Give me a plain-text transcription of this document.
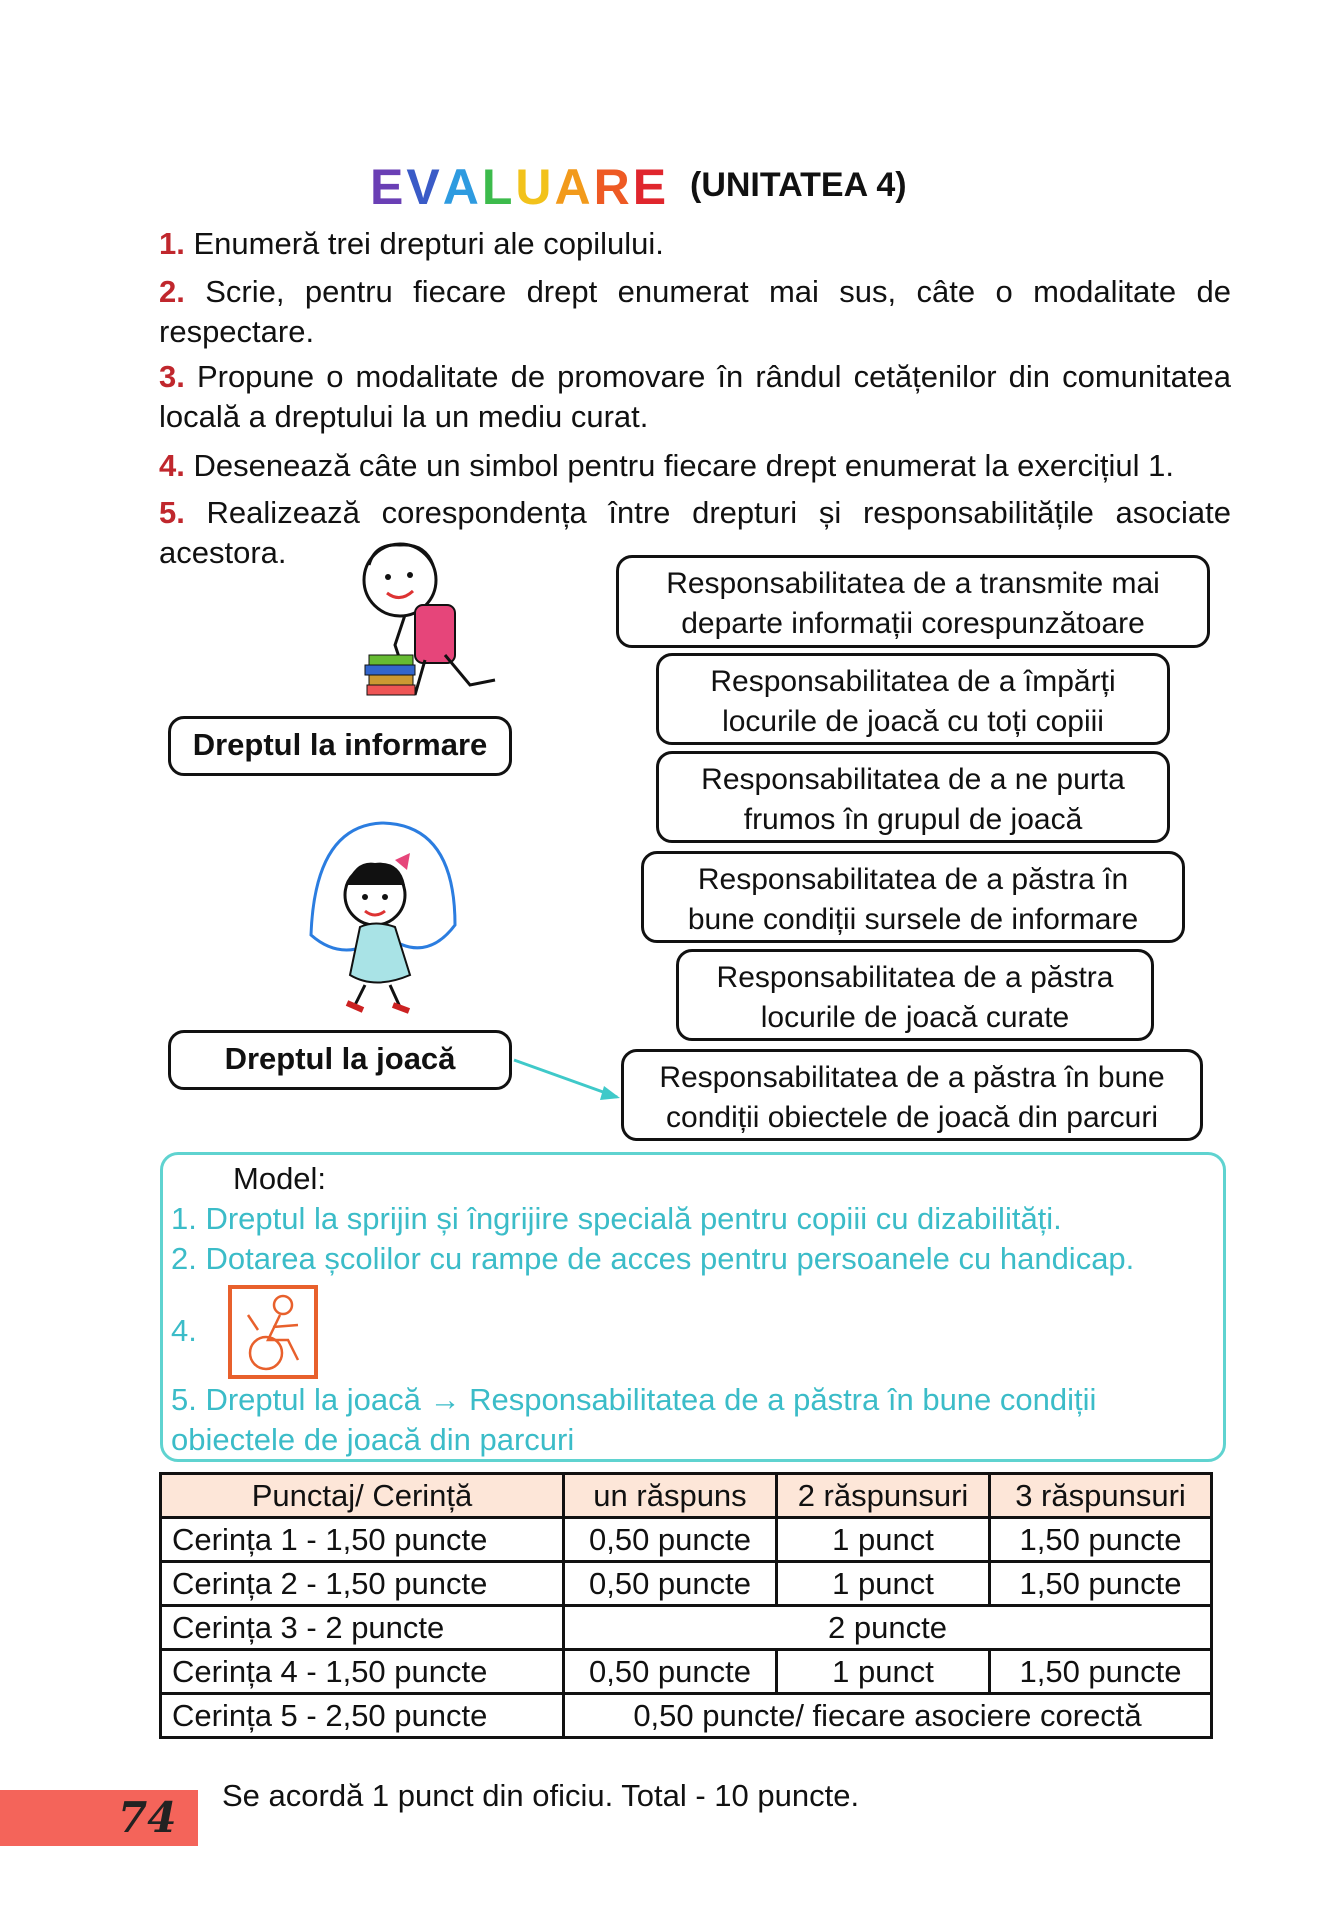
EVALUARE (UNITATEA 4)
1. Enumeră trei drepturi ale copilului.
2. Scrie, pentru fiecare drept enumerat mai sus, câte o modalitate de respectare.
3. Propune o modalitate de promovare în rândul cetățenilor din comunitatea locală a dreptului la un mediu curat.
4. Desenează câte un simbol pentru fiecare drept enumerat la exercițiul 1.
5. Realizează corespondența între drepturi și responsabilitățile asociate acestora.
Dreptul la informare
Dreptul la joacă
Responsabilitatea de a transmite mai
departe informații corespunzătoare
Responsabilitatea de a împărți
locurile de joacă cu toți copiii
Responsabilitatea de a ne purta
frumos în grupul de joacă
Responsabilitatea de a păstra în
bune condiții sursele de informare
Responsabilitatea de a păstra
locurile de joacă curate
Responsabilitatea de a păstra în bune
condiții obiectele de joacă din parcuri
Model:
1. Dreptul la sprijin și îngrijire specială pentru copiii cu dizabilități.
2. Dotarea școlilor cu rampe de acces pentru persoanele cu handicap.
4.
5. Dreptul la joacă → Responsabilitatea de a păstra în bune condiții
obiectele de joacă din parcuri
Punctaj/ Cerință	un răspuns	2 răspunsuri	3 răspunsuri
Cerința 1 - 1,50 puncte	0,50 puncte	1 punct	1,50 puncte
Cerința 2 - 1,50 puncte	0,50 puncte	1 punct	1,50 puncte
Cerința 3 - 2 puncte	2 puncte		
Cerința 4 - 1,50 puncte	0,50 puncte	1 punct	1,50 puncte
Cerința 5 - 2,50 puncte	0,50 puncte/ fiecare asociere corectă		
Se acordă 1 punct din oficiu. Total - 10 puncte.
74
